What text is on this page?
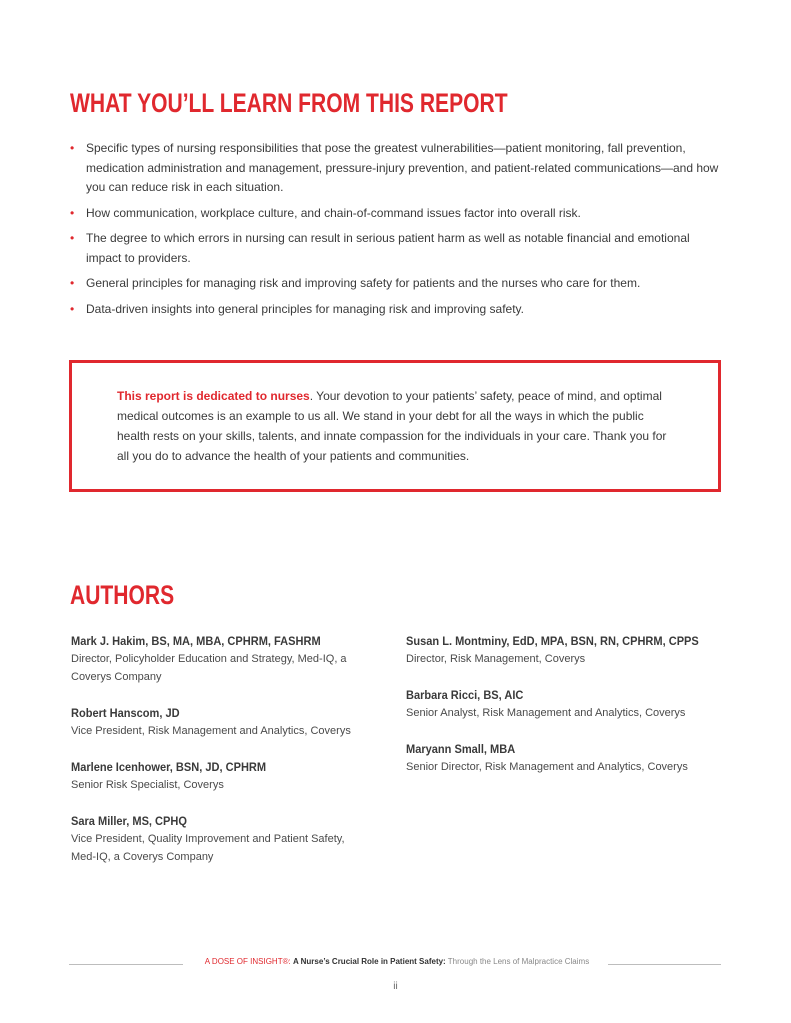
WHAT YOU’LL LEARN FROM THIS REPORT
• Specific types of nursing responsibilities that pose the greatest vulnerabilities—patient monitoring, fall prevention, medication administration and management, pressure-injury prevention, and patient-related communications—and how you can reduce risk in each situation.
• How communication, workplace culture, and chain-of-command issues factor into overall risk.
• The degree to which errors in nursing can result in serious patient harm as well as notable financial and emotional impact to providers.
• General principles for managing risk and improving safety for patients and the nurses who care for them.
• Data-driven insights into general principles for managing risk and improving safety.

This report is dedicated to nurses. Your devotion to your patients’ safety, peace of mind, and optimal medical outcomes is an example to us all. We stand in your debt for all the ways in which the public health rests on your skills, talents, and innate compassion for the individuals in your care. Thank you for all you do to advance the health of your patients and communities.

AUTHORS
Mark J. Hakim, BS, MA, MBA, CPHRM, FASHRM
Director, Policyholder Education and Strategy, Med-IQ, a Coverys Company
Robert Hanscom, JD
Vice President, Risk Management and Analytics, Coverys
Marlene Icenhower, BSN, JD, CPHRM
Senior Risk Specialist, Coverys
Sara Miller, MS, CPHQ
Vice President, Quality Improvement and Patient Safety, Med-IQ, a Coverys Company
Susan L. Montminy, EdD, MPA, BSN, RN, CPHRM, CPPS
Director, Risk Management, Coverys
Barbara Ricci, BS, AIC
Senior Analyst, Risk Management and Analytics, Coverys
Maryann Small, MBA
Senior Director, Risk Management and Analytics, Coverys
A DOSE OF INSIGHT®: A Nurse’s Crucial Role in Patient Safety: Through the Lens of Malpractice Claims
ii
